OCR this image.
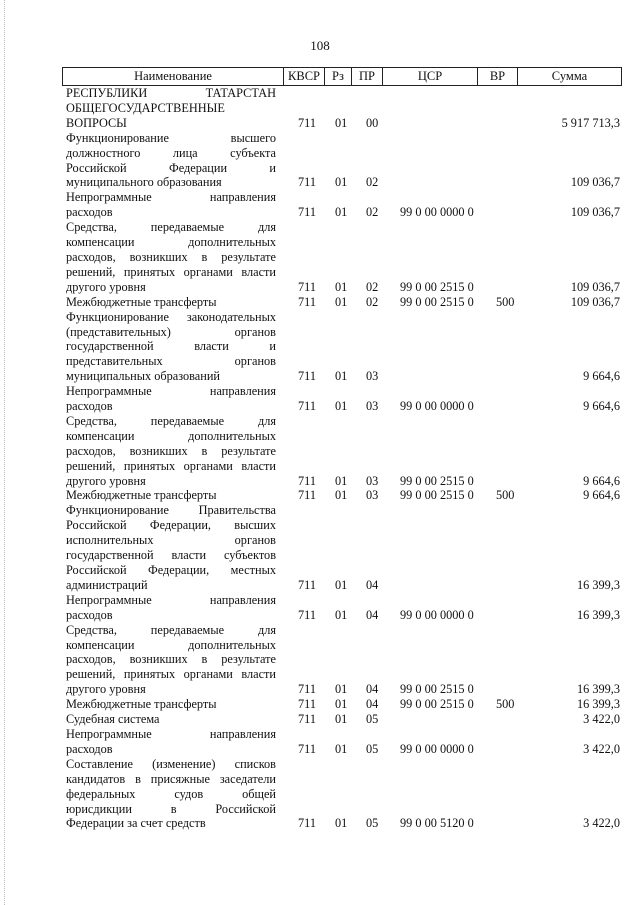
108
Наименование	КВСР Рз	ПР	ЦСР	ВР	Сумма
РЕСПУБЛИКИ ТАТАРСТАН
ОБЩЕГОСУДАРСТВЕННЫЕ
ВОПРОСЫ	711 01 00	5 917 713,3
Функционирование высшего
должностного лица субъекта
Российской Федерации и
муниципального образования	711 01 02	109 036,7
Непрограммные направления
расходов	711 01 02 99 0 00 0000 0	109 036,7
Средства, передаваемые для
компенсации дополнительных
расходов, возникших в результате
решений, принятых органами власти
другого уровня	711 01 02 99 0 00 2515 0	109 036,7
Межбюджетные трансферты	711 01 02 99 0 00 2515 0 500	109 036,7
Функционирование законодательных
(представительных) органов
государственной власти и
представительных органов
муниципальных образований	711 01 03	9 664,6
Непрограммные направления
расходов	711 01 03 99 0 00 0000 0	9 664,6
Средства, передаваемые для
компенсации дополнительных
расходов, возникших в результате
решений, принятых органами власти
другого уровня	711 01 03 99 0 00 2515 0	9 664,6
Межбюджетные трансферты	711 01 03 99 0 00 2515 0 500	9 664,6
Функционирование Правительства
Российской Федерации, высших
исполнительных органов
государственной власти субъектов
Российской Федерации, местных
администраций	711 01 04	16 399,3
Непрограммные направления
расходов	711 01 04 99 0 00 0000 0	16 399,3
Средства, передаваемые для
компенсации дополнительных
расходов, возникших в результате
решений, принятых органами власти
другого уровня	711 01 04 99 0 00 2515 0	16 399,3
Межбюджетные трансферты	711 01 04 99 0 00 2515 0 500	16 399,3
Судебная система	711 01 05	3 422,0
Непрограммные направления
расходов	711 01 05 99 0 00 0000 0	3 422,0
Составление (изменение) списков
кандидатов в присяжные заседатели
федеральных судов общей
юрисдикции в Российской
Федерации за счет средств	711 01 05 99 0 00 5120 0	3 422,0
